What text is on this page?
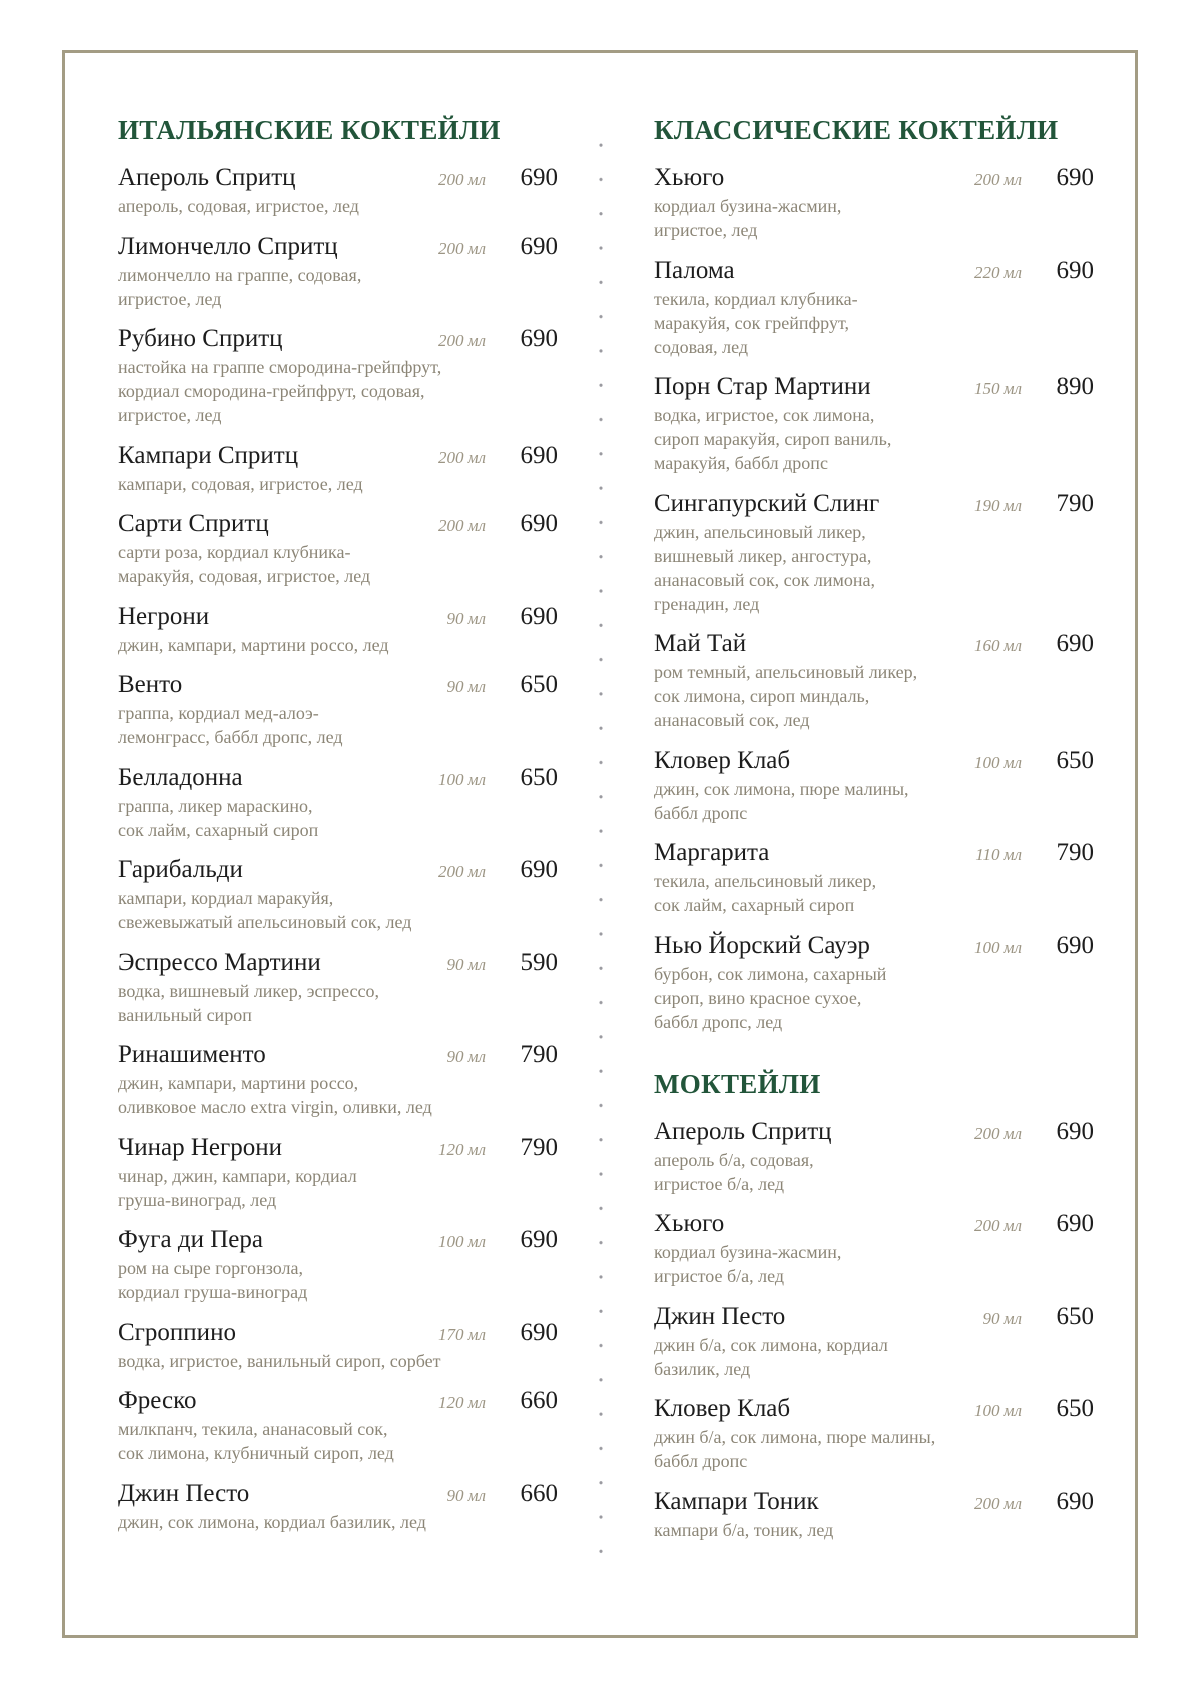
ИТАЛЬЯНСКИЕ КОКТЕЙЛИ
Апероль Спритц	200 мл	690
апероль, содовая, игристое, лед
Лимончелло Спритц	200 мл	690
лимончелло на граппе, содовая,
игристое, лед
Рубино Спритц	200 мл	690
настойка на граппе смородина-грейпфрут,
кордиал смородина-грейпфрут, содовая,
игристое, лед
Кампари Спритц	200 мл	690
кампари, содовая, игристое, лед
Сарти Спритц	200 мл	690
сарти роза, кордиал клубника-
маракуйя, содовая, игристое, лед
Негрони	90 мл	690
джин, кампари, мартини россо, лед
Венто	90 мл	650
граппа, кордиал мед-алоэ-
лемонграсс, баббл дропс, лед
Белладонна	100 мл	650
граппа, ликер мараскино,
сок лайм, сахарный сироп
Гарибальди	200 мл	690
кампари, кордиал маракуйя,
свежевыжатый апельсиновый сок, лед
Эспрессо Мартини	90 мл	590
водка, вишневый ликер, эспрессо,
ванильный сироп
Ринашименто	90 мл	790
джин, кампари, мартини россо,
оливковое масло extra virgin, оливки, лед
Чинар Негрони	120 мл	790
чинар, джин, кампари, кордиал
груша-виноград, лед
Фуга ди Пера	100 мл	690
ром на сыре горгонзола,
кордиал груша-виноград
Сгроппино	170 мл	690
водка, игристое, ванильный сироп, сорбет
Фреско	120 мл	660
милкпанч, текила, ананасовый сок,
сок лимона, клубничный сироп, лед
Джин Песто	90 мл	660
джин, сок лимона, кордиал базилик, лед
КЛАССИЧЕСКИЕ КОКТЕЙЛИ
Хьюго	200 мл	690
кордиал бузина-жасмин,
игристое, лед
Палома	220 мл	690
текила, кордиал клубника-
маракуйя, сок грейпфрут,
содовая, лед
Порн Стар Мартини	150 мл	890
водка, игристое, сок лимона,
сироп маракуйя, сироп ваниль,
маракуйя, баббл дропс
Сингапурский Слинг	190 мл	790
джин, апельсиновый ликер,
вишневый ликер, ангостура,
ананасовый сок, сок лимона,
гренадин, лед
Май Тай	160 мл	690
ром темный, апельсиновый ликер,
сок лимона, сироп миндаль,
ананасовый сок, лед
Кловер Клаб	100 мл	650
джин, сок лимона, пюре малины,
баббл дропс
Маргарита	110 мл	790
текила, апельсиновый ликер,
сок лайм, сахарный сироп
Нью Йорский Сауэр	100 мл	690
бурбон, сок лимона, сахарный
сироп, вино красное сухое,
баббл дропс, лед
МОКТЕЙЛИ
Апероль Спритц	200 мл	690
апероль б/а, содовая,
игристое б/а, лед
Хьюго	200 мл	690
кордиал бузина-жасмин,
игристое б/а, лед
Джин Песто	90 мл	650
джин б/а, сок лимона, кордиал
базилик, лед
Кловер Клаб	100 мл	650
джин б/а, сок лимона, пюре малины,
баббл дропс
Кампари Тоник	200 мл	690
кампари б/а, тоник, лед
